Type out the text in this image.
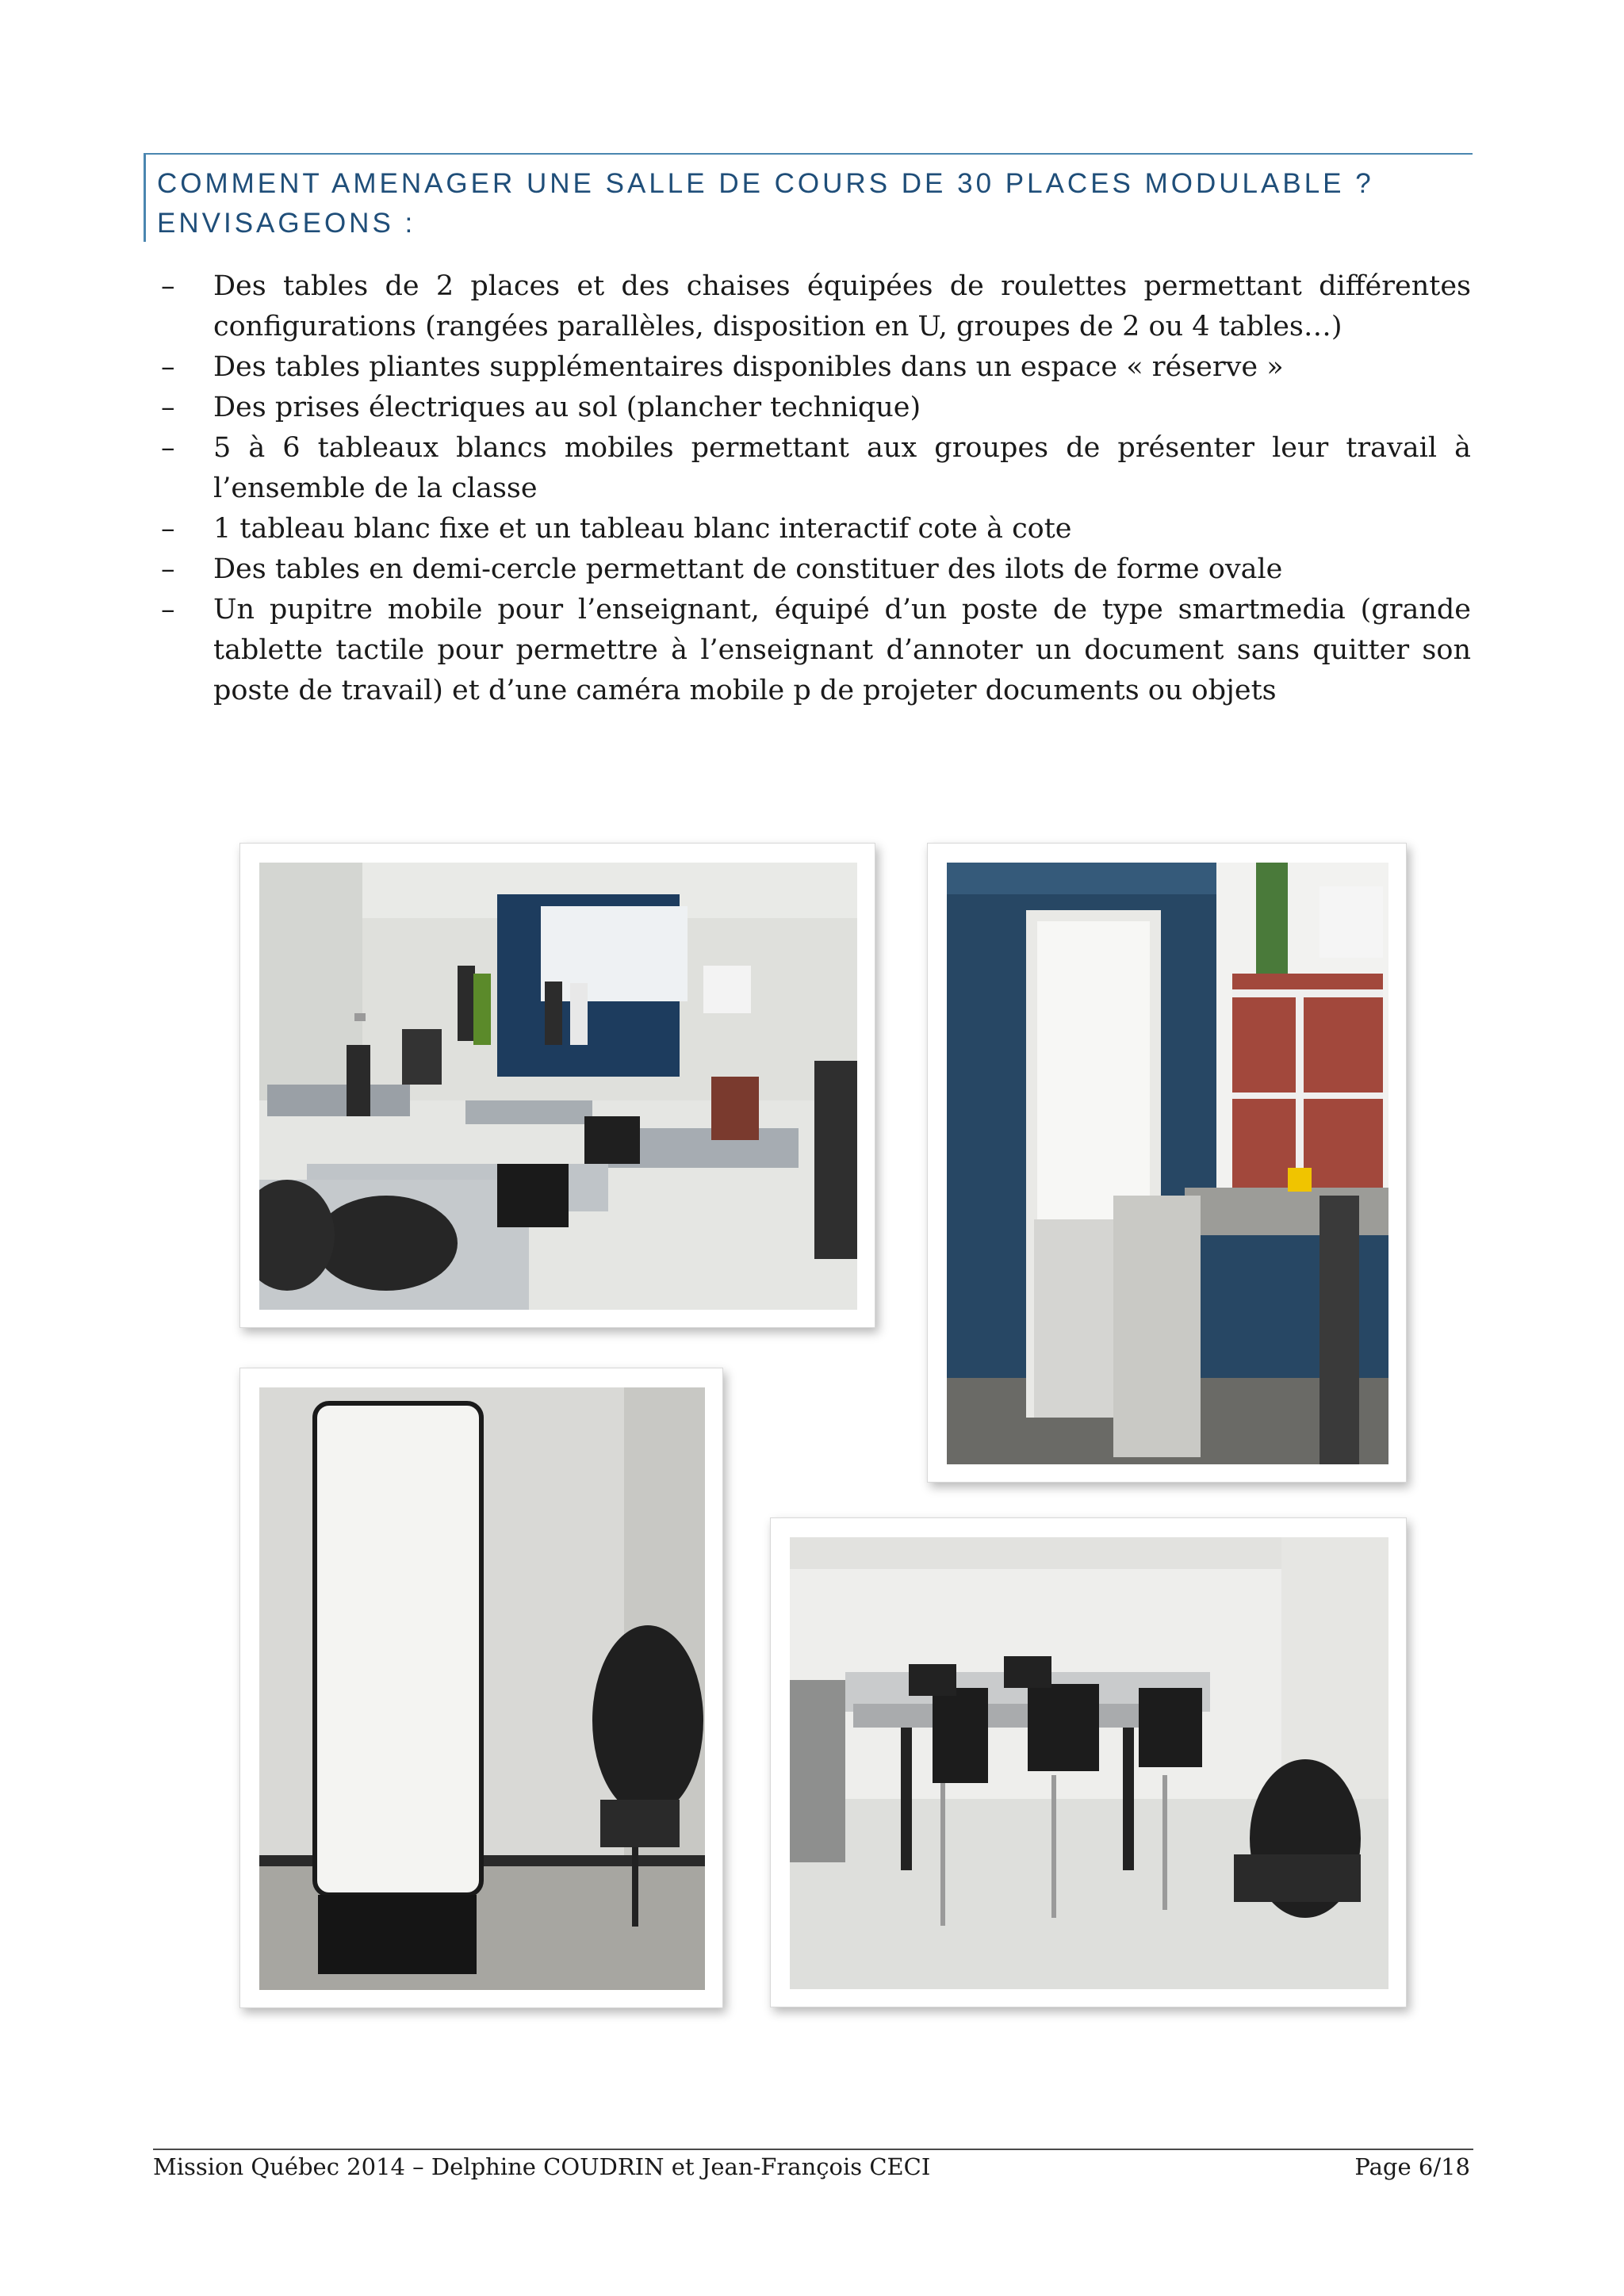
COMMENT AMENAGER UNE SALLE DE COURS DE 30 PLACES MODULABLE ?
ENVISAGEONS :
– Des tables de 2 places et des chaises équipées de roulettes permettant différentes configurations (rangées parallèles, disposition en U, groupes de 2 ou 4 tables…)
– Des tables pliantes supplémentaires disponibles dans un espace « réserve »
– Des prises électriques au sol (plancher technique)
– 5 à 6 tableaux blancs mobiles permettant aux groupes de présenter leur travail à l’ensemble de la classe
– 1 tableau blanc fixe et un tableau blanc interactif cote à cote
– Des tables en demi-cercle permettant de constituer des ilots de forme ovale
– Un pupitre mobile pour l’enseignant, équipé d’un poste de type smartmedia (grande tablette tactile pour permettre à l’enseignant d’annoter un document sans quitter son poste de travail) et d’une caméra mobile p de projeter documents ou objets
Mission Québec 2014 – Delphine COUDRIN et Jean-François CECI	Page 6/18
